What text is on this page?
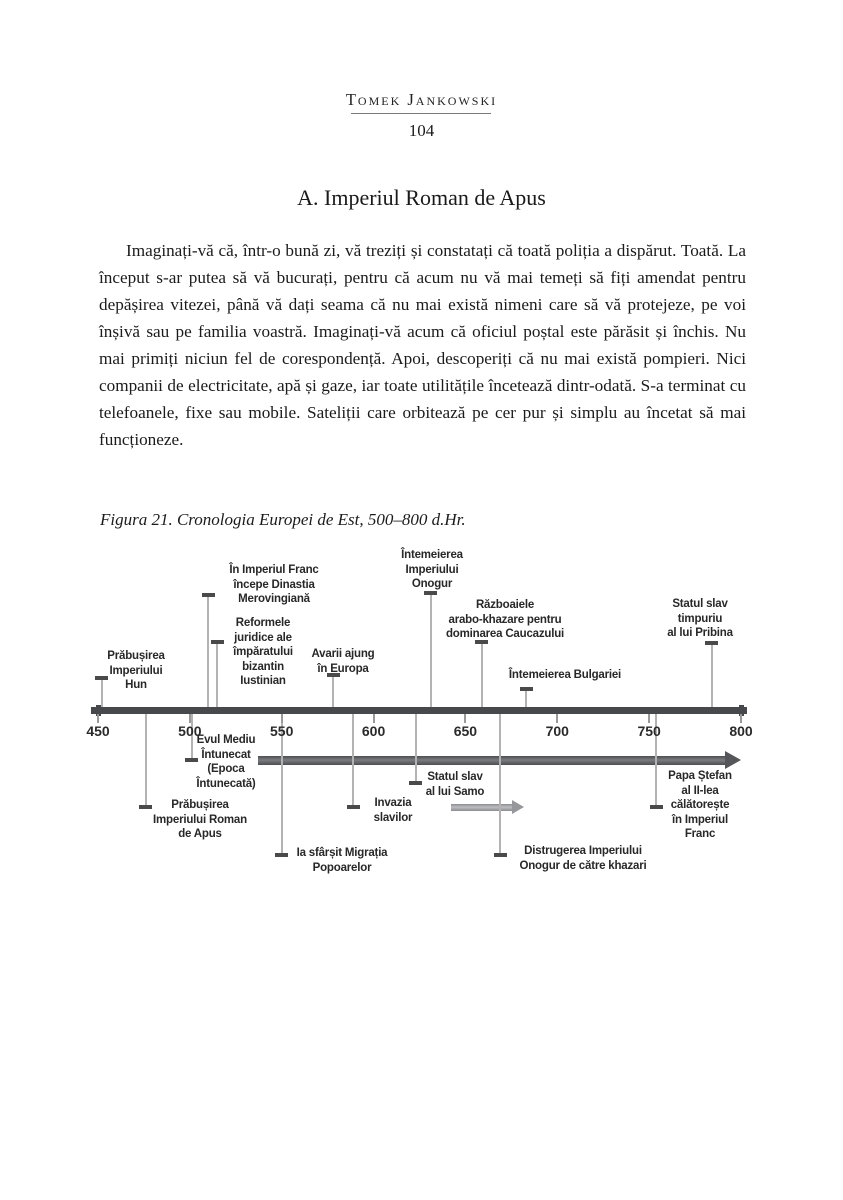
Tomek Jankowski
104
A. Imperiul Roman de Apus

Imaginați-vă că, într-o bună zi, vă treziți și constatați că toată poliția a dispărut. Toată. La început s-ar putea să vă bucurați, pentru că acum nu vă mai temeți să fiți amendat pentru depășirea vitezei, până vă dați seama că nu mai există nimeni care să vă protejeze, pe voi înșivă sau pe familia voastră. Imaginați-vă acum că oficiul poștal este părăsit și închis. Nu mai primiți niciun fel de corespondență. Apoi, descoperiți că nu mai există pompieri. Nici companii de electricitate, apă și gaze, iar toate utilitățile încetează dintr-odată. S-a terminat cu telefoanele, fixe sau mobile. Sateliții care orbitează pe cer pur și simplu au încetat să mai funcționeze.

Figura 21. Cronologia Europei de Est, 500–800 d.Hr.
450	500	550	600	650	700	750	800
Prăbușirea
Imperiului
Hun
În Imperiul Franc
începe Dinastia
Merovingiană
Reformele
juridice ale
împăratului
bizantin
Iustinian
Avarii ajung
în Europa
Întemeierea
Imperiului
Onogur
Războaiele
arabo-khazare pentru
dominarea Caucazului
Întemeierea Bulgariei
Statul slav
timpuriu
al lui Pribina
Evul Mediu
Întunecat
(Epoca
Întunecată)
Prăbușirea
Imperiului Roman
de Apus
Ia sfârșit Migrația
Popoarelor
Invazia
slavilor
Statul slav
al lui Samo
Distrugerea Imperiului
Onogur de către khazari
Papa Ștefan
al II-lea
călătorește
în Imperiul
Franc
